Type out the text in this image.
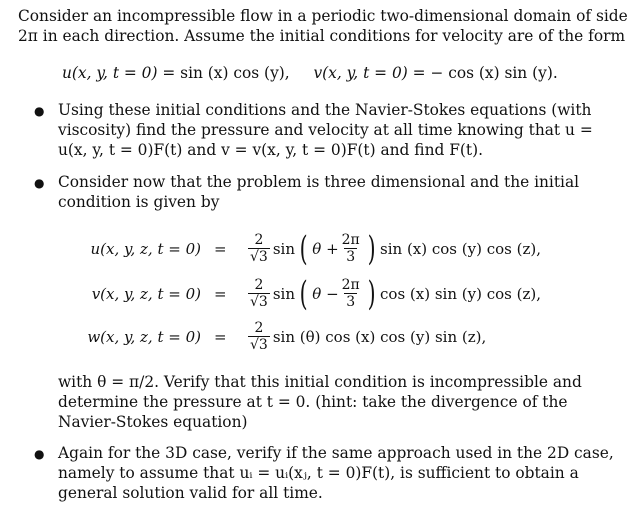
Consider an incompressible flow in a periodic two-dimensional domain of side
2π in each direction. Assume the initial conditions for velocity are of the form
u(x, y, t = 0) = sin (x) cos (y), v(x, y, t = 0) = − cos (x) sin (y).
● Using these initial conditions and the Navier-Stokes equations (with
viscosity) find the pressure and velocity at all time knowing that u =
u(x, y, t = 0)F(t) and v = v(x, y, t = 0)F(t) and find F(t).
● Consider now that the problem is three dimensional and the initial
condition is given by
u(x, y, z, $t = 0) = \frac{2}{√3}$ sin ( $\theta + \frac{2\pi}{3}$ ) sin (x) cos (y) cos (z),
v(x, y, z, $t = 0) = \frac{2}{√3}$ sin ( $\theta - \frac{2\pi}{3}$ ) cos (x) sin (y) cos (z),
w(x, y, z, $t = 0) = \frac{2}{√3}$ sin (θ) cos (x) cos (y) sin (z),
with θ = π/2. Verify that this initial condition is incompressible and
determine the pressure at t = 0. (hint: take the divergence of the
Navier-Stokes equation)
● Again for the 3D case, verify if the same approach used in the 2D case,
namely to assume that uᵢ = uᵢ(xⱼ, t = 0)F(t), is sufficient to obtain a
general solution valid for all time.
